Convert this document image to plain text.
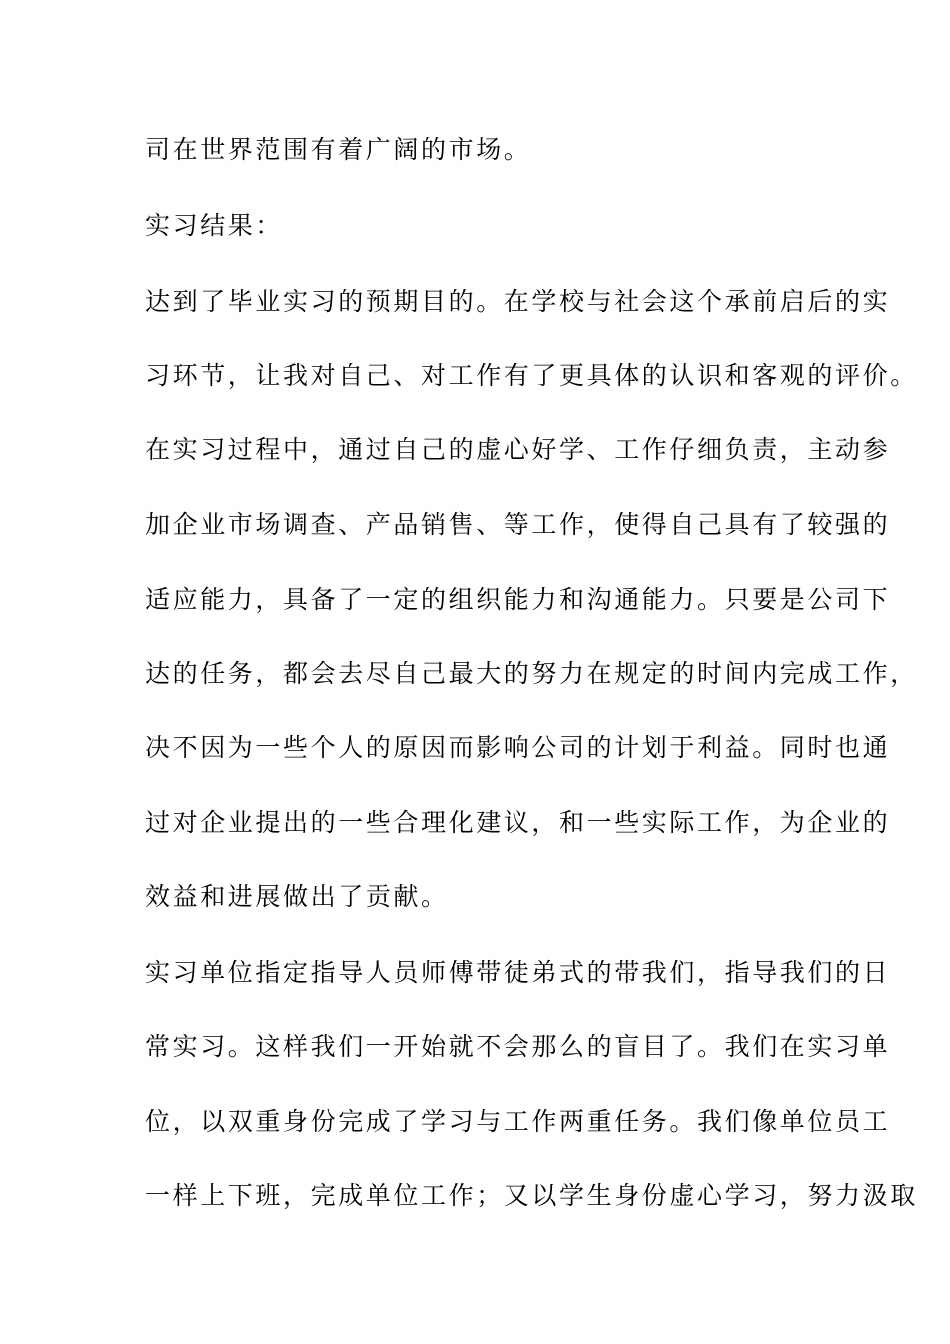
司在世界范围有着广阔的市场。
实习结果：
达到了毕业实习的预期目的。在学校与社会这个承前启后的实
习环节，让我对自己、对工作有了更具体的认识和客观的评价。
在实习过程中，通过自己的虚心好学、工作仔细负责，主动参
加企业市场调查、产品销售、等工作，使得自己具有了较强的
适应能力，具备了一定的组织能力和沟通能力。只要是公司下
达的任务，都会去尽自己最大的努力在规定的时间内完成工作，
决不因为一些个人的原因而影响公司的计划于利益。同时也通
过对企业提出的一些合理化建议，和一些实际工作，为企业的
效益和进展做出了贡献。
实习单位指定指导人员师傅带徒弟式的带我们，指导我们的日
常实习。这样我们一开始就不会那么的盲目了。我们在实习单
位，以双重身份完成了学习与工作两重任务。我们像单位员工
一样上下班，完成单位工作；又以学生身份虚心学习，努力汲取
